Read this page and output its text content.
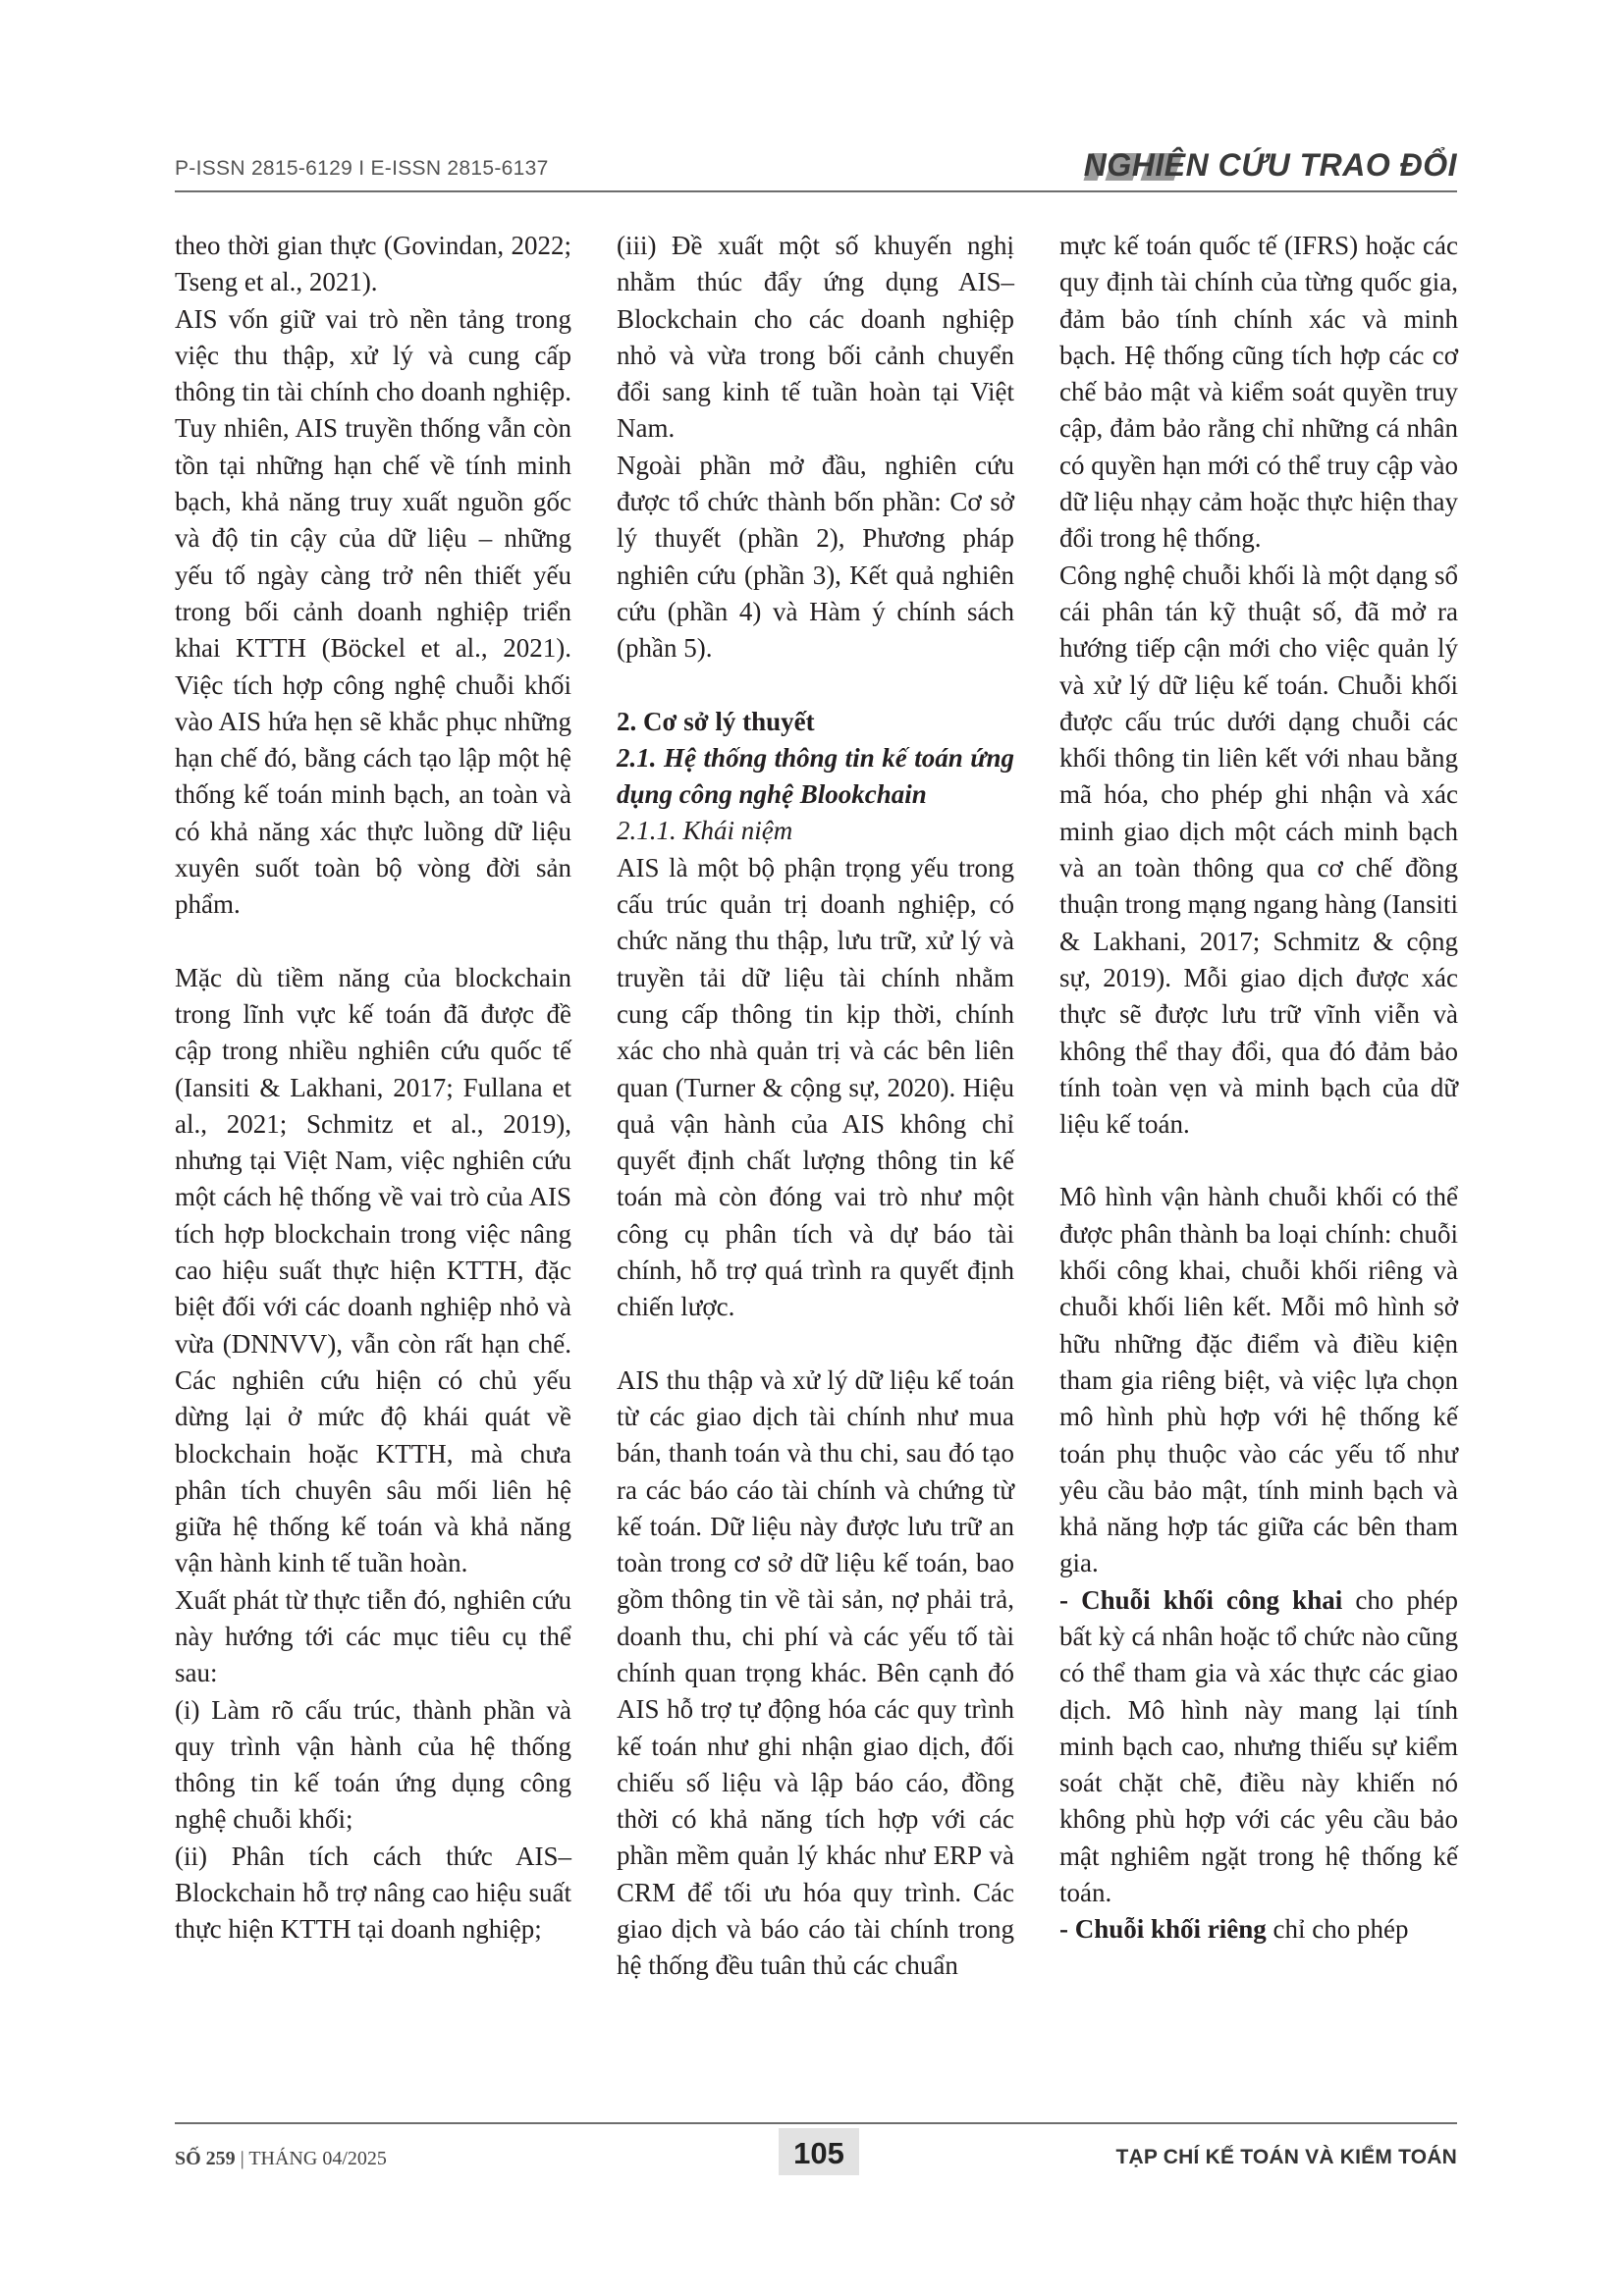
P-ISSN 2815-6129 I E-ISSN 2815-6137	NGHIÊN CỨU TRAO ĐỔI

theo thời gian thực (Govindan, 2022; Tseng et al., 2021).

AIS vốn giữ vai trò nền tảng trong việc thu thập, xử lý và cung cấp thông tin tài chính cho doanh nghiệp. Tuy nhiên, AIS truyền thống vẫn còn tồn tại những hạn chế về tính minh bạch, khả năng truy xuất nguồn gốc và độ tin cậy của dữ liệu – những yếu tố ngày càng trở nên thiết yếu trong bối cảnh doanh nghiệp triển khai KTTH (Böckel et al., 2021). Việc tích hợp công nghệ chuỗi khối vào AIS hứa hẹn sẽ khắc phục những hạn chế đó, bằng cách tạo lập một hệ thống kế toán minh bạch, an toàn và có khả năng xác thực luồng dữ liệu xuyên suốt toàn bộ vòng đời sản phẩm.

Mặc dù tiềm năng của blockchain trong lĩnh vực kế toán đã được đề cập trong nhiều nghiên cứu quốc tế (Iansiti & Lakhani, 2017; Fullana et al., 2021; Schmitz et al., 2019), nhưng tại Việt Nam, việc nghiên cứu một cách hệ thống về vai trò của AIS tích hợp blockchain trong việc nâng cao hiệu suất thực hiện KTTH, đặc biệt đối với các doanh nghiệp nhỏ và vừa (DNNVV), vẫn còn rất hạn chế. Các nghiên cứu hiện có chủ yếu dừng lại ở mức độ khái quát về blockchain hoặc KTTH, mà chưa phân tích chuyên sâu mối liên hệ giữa hệ thống kế toán và khả năng vận hành kinh tế tuần hoàn.

Xuất phát từ thực tiễn đó, nghiên cứu này hướng tới các mục tiêu cụ thể sau:

(i) Làm rõ cấu trúc, thành phần và quy trình vận hành của hệ thống thông tin kế toán ứng dụng công nghệ chuỗi khối;

(ii) Phân tích cách thức AIS–Blockchain hỗ trợ nâng cao hiệu suất thực hiện KTTH tại doanh nghiệp;

(iii) Đề xuất một số khuyến nghị nhằm thúc đẩy ứng dụng AIS–Blockchain cho các doanh nghiệp nhỏ và vừa trong bối cảnh chuyển đổi sang kinh tế tuần hoàn tại Việt Nam.

Ngoài phần mở đầu, nghiên cứu được tổ chức thành bốn phần: Cơ sở lý thuyết (phần 2), Phương pháp nghiên cứu (phần 3), Kết quả nghiên cứu (phần 4) và Hàm ý chính sách (phần 5).

2. Cơ sở lý thuyết

2.1. Hệ thống thông tin kế toán ứng dụng công nghệ Blookchain

2.1.1. Khái niệm

AIS là một bộ phận trọng yếu trong cấu trúc quản trị doanh nghiệp, có chức năng thu thập, lưu trữ, xử lý và truyền tải dữ liệu tài chính nhằm cung cấp thông tin kịp thời, chính xác cho nhà quản trị và các bên liên quan (Turner & cộng sự, 2020). Hiệu quả vận hành của AIS không chỉ quyết định chất lượng thông tin kế toán mà còn đóng vai trò như một công cụ phân tích và dự báo tài chính, hỗ trợ quá trình ra quyết định chiến lược.

AIS thu thập và xử lý dữ liệu kế toán từ các giao dịch tài chính như mua bán, thanh toán và thu chi, sau đó tạo ra các báo cáo tài chính và chứng từ kế toán. Dữ liệu này được lưu trữ an toàn trong cơ sở dữ liệu kế toán, bao gồm thông tin về tài sản, nợ phải trả, doanh thu, chi phí và các yếu tố tài chính quan trọng khác. Bên cạnh đó AIS hỗ trợ tự động hóa các quy trình kế toán như ghi nhận giao dịch, đối chiếu số liệu và lập báo cáo, đồng thời có khả năng tích hợp với các phần mềm quản lý khác như ERP và CRM để tối ưu hóa quy trình. Các giao dịch và báo cáo tài chính trong hệ thống đều tuân thủ các chuẩn

mực kế toán quốc tế (IFRS) hoặc các quy định tài chính của từng quốc gia, đảm bảo tính chính xác và minh bạch. Hệ thống cũng tích hợp các cơ chế bảo mật và kiểm soát quyền truy cập, đảm bảo rằng chỉ những cá nhân có quyền hạn mới có thể truy cập vào dữ liệu nhạy cảm hoặc thực hiện thay đổi trong hệ thống.

Công nghệ chuỗi khối là một dạng sổ cái phân tán kỹ thuật số, đã mở ra hướng tiếp cận mới cho việc quản lý và xử lý dữ liệu kế toán. Chuỗi khối được cấu trúc dưới dạng chuỗi các khối thông tin liên kết với nhau bằng mã hóa, cho phép ghi nhận và xác minh giao dịch một cách minh bạch và an toàn thông qua cơ chế đồng thuận trong mạng ngang hàng (Iansiti & Lakhani, 2017; Schmitz & cộng sự, 2019). Mỗi giao dịch được xác thực sẽ được lưu trữ vĩnh viễn và không thể thay đổi, qua đó đảm bảo tính toàn vẹn và minh bạch của dữ liệu kế toán.

Mô hình vận hành chuỗi khối có thể được phân thành ba loại chính: chuỗi khối công khai, chuỗi khối riêng và chuỗi khối liên kết. Mỗi mô hình sở hữu những đặc điểm và điều kiện tham gia riêng biệt, và việc lựa chọn mô hình phù hợp với hệ thống kế toán phụ thuộc vào các yếu tố như yêu cầu bảo mật, tính minh bạch và khả năng hợp tác giữa các bên tham gia.

- Chuỗi khối công khai cho phép bất kỳ cá nhân hoặc tổ chức nào cũng có thể tham gia và xác thực các giao dịch. Mô hình này mang lại tính minh bạch cao, nhưng thiếu sự kiểm soát chặt chẽ, điều này khiến nó không phù hợp với các yêu cầu bảo mật nghiêm ngặt trong hệ thống kế toán.

- Chuỗi khối riêng chỉ cho phép

SỐ 259 | THÁNG 04/2025	105	TẠP CHÍ KẾ TOÁN VÀ KIỂM TOÁN
